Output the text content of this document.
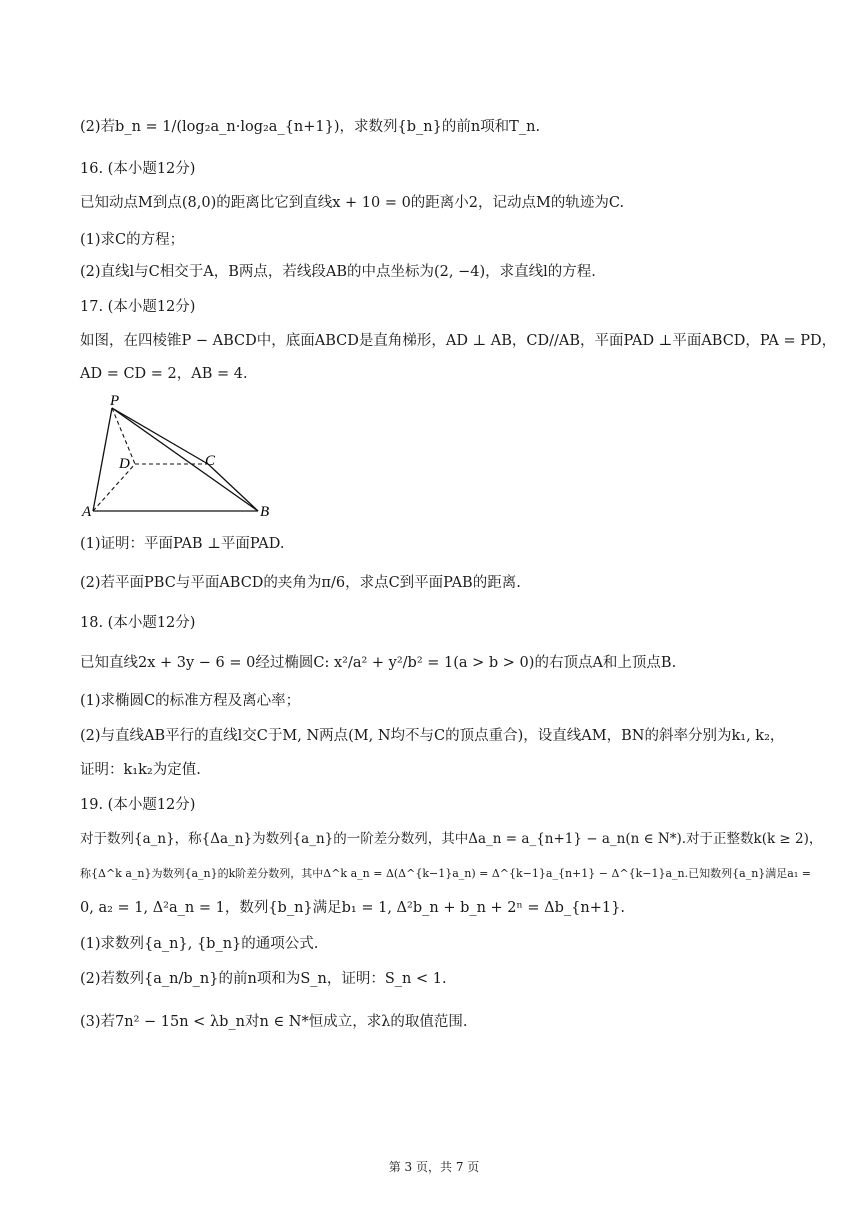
(2)若b_n = 1/(log₂a_n·log₂a_{n+1})，求数列{b_n}的前n项和T_n.
16. (本小题12分)
已知动点M到点(8,0)的距离比它到直线x + 10 = 0的距离小2，记动点M的轨迹为C.
(1)求C的方程；
(2)直线l与C相交于A，B两点，若线段AB的中点坐标为(2, −4)，求直线l的方程.
17. (本小题12分)
如图，在四棱锥P − ABCD中，底面ABCD是直角梯形，AD ⊥ AB，CD//AB，平面PAD ⊥平面ABCD，PA = PD，
AD = CD = 2，AB = 4.
P
A	B
C
D
(1)证明：平面PAB ⊥平面PAD.
(2)若平面PBC与平面ABCD的夹角为π/6，求点C到平面PAB的距离.
18. (本小题12分)
已知直线2x + 3y − 6 = 0经过椭圆C: x²/a² + y²/b² = 1(a > b > 0)的右顶点A和上顶点B.
(1)求椭圆C的标准方程及离心率；
(2)与直线AB平行的直线l交C于M, N两点(M, N均不与C的顶点重合)，设直线AM，BN的斜率分别为k₁, k₂，
证明：k₁k₂为定值.
19. (本小题12分)
对于数列{a_n}，称{Δa_n}为数列{a_n}的一阶差分数列，其中Δa_n = a_{n+1} − a_n(n ∈ N*).对于正整数k(k ≥ 2)，
称{Δ^k a_n}为数列{a_n}的k阶差分数列，其中Δ^k a_n = Δ(Δ^{k−1}a_n) = Δ^{k−1}a_{n+1} − Δ^{k−1}a_n.已知数列{a_n}满足a₁ =
0, a₂ = 1, Δ²a_n = 1，数列{b_n}满足b₁ = 1, Δ²b_n + b_n + 2ⁿ = Δb_{n+1}.
(1)求数列{a_n}, {b_n}的通项公式.
(2)若数列{a_n/b_n}的前n项和为S_n，证明：S_n < 1.
(3)若7n² − 15n < λb_n对n ∈ N*恒成立，求λ的取值范围.
第 3 页，共 7 页
